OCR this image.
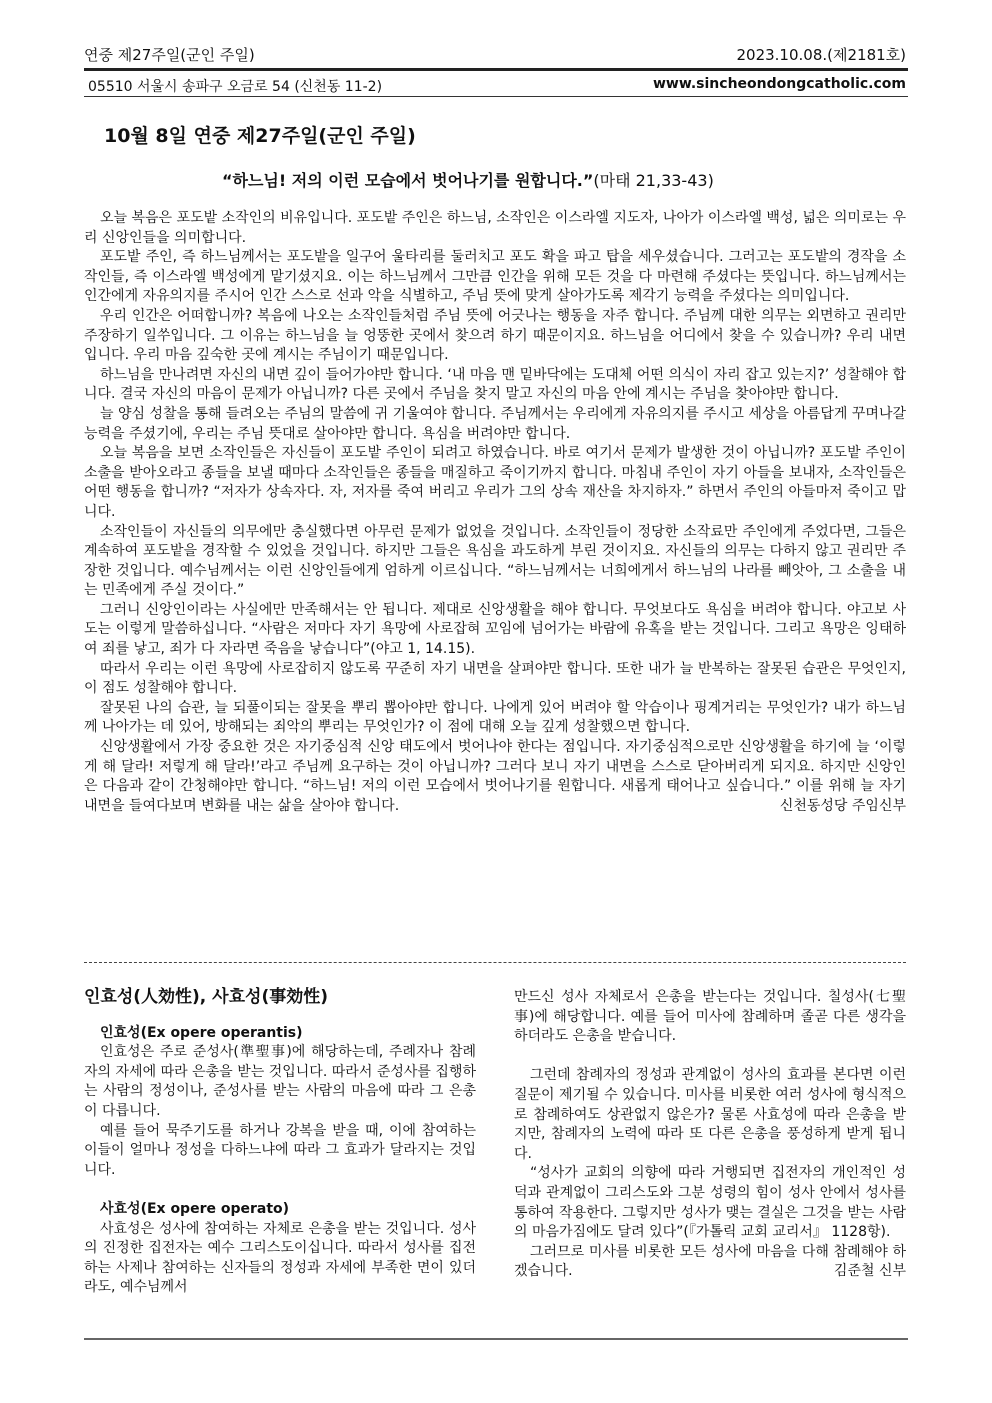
연중 제27주일(군인 주일)	2023.10.08.(제2181호)
05510 서울시 송파구 오금로 54 (신천동 11-2)	www.sincheondongcatholic.com
10월 8일 연중 제27주일(군인 주일)
“하느님! 저의 이런 모습에서 벗어나기를 원합니다.”(마태 21,33-43)

오늘 복음은 포도밭 소작인의 비유입니다. 포도밭 주인은 하느님, 소작인은 이스라엘 지도자, 나아가 이스라엘 백성, 넓은 의미로는 우리 신앙인들을 의미합니다.

포도밭 주인, 즉 하느님께서는 포도밭을 일구어 울타리를 둘러치고 포도 확을 파고 탑을 세우셨습니다. 그러고는 포도밭의 경작을 소작인들, 즉 이스라엘 백성에게 맡기셨지요. 이는 하느님께서 그만큼 인간을 위해 모든 것을 다 마련해 주셨다는 뜻입니다. 하느님께서는 인간에게 자유의지를 주시어 인간 스스로 선과 악을 식별하고, 주님 뜻에 맞게 살아가도록 제각기 능력을 주셨다는 의미입니다.

우리 인간은 어떠합니까? 복음에 나오는 소작인들처럼 주님 뜻에 어긋나는 행동을 자주 합니다. 주님께 대한 의무는 외면하고 권리만 주장하기 일쑤입니다. 그 이유는 하느님을 늘 엉뚱한 곳에서 찾으려 하기 때문이지요. 하느님을 어디에서 찾을 수 있습니까? 우리 내면입니다. 우리 마음 깊숙한 곳에 계시는 주님이기 때문입니다.

하느님을 만나려면 자신의 내면 깊이 들어가야만 합니다. ‘내 마음 맨 밑바닥에는 도대체 어떤 의식이 자리 잡고 있는지?’ 성찰해야 합니다. 결국 자신의 마음이 문제가 아닙니까? 다른 곳에서 주님을 찾지 말고 자신의 마음 안에 계시는 주님을 찾아야만 합니다.

늘 양심 성찰을 통해 들려오는 주님의 말씀에 귀 기울여야 합니다. 주님께서는 우리에게 자유의지를 주시고 세상을 아름답게 꾸며나갈 능력을 주셨기에, 우리는 주님 뜻대로 살아야만 합니다. 욕심을 버려야만 합니다.

오늘 복음을 보면 소작인들은 자신들이 포도밭 주인이 되려고 하였습니다. 바로 여기서 문제가 발생한 것이 아닙니까? 포도밭 주인이 소출을 받아오라고 종들을 보낼 때마다 소작인들은 종들을 매질하고 죽이기까지 합니다. 마침내 주인이 자기 아들을 보내자, 소작인들은 어떤 행동을 합니까? “저자가 상속자다. 자, 저자를 죽여 버리고 우리가 그의 상속 재산을 차지하자.” 하면서 주인의 아들마저 죽이고 맙니다.

소작인들이 자신들의 의무에만 충실했다면 아무런 문제가 없었을 것입니다. 소작인들이 정당한 소작료만 주인에게 주었다면, 그들은 계속하여 포도밭을 경작할 수 있었을 것입니다. 하지만 그들은 욕심을 과도하게 부린 것이지요. 자신들의 의무는 다하지 않고 권리만 주장한 것입니다. 예수님께서는 이런 신앙인들에게 엄하게 이르십니다. “하느님께서는 너희에게서 하느님의 나라를 빼앗아, 그 소출을 내는 민족에게 주실 것이다.”

그러니 신앙인이라는 사실에만 만족해서는 안 됩니다. 제대로 신앙생활을 해야 합니다. 무엇보다도 욕심을 버려야 합니다. 야고보 사도는 이렇게 말씀하십니다. “사람은 저마다 자기 욕망에 사로잡혀 꼬임에 넘어가는 바람에 유혹을 받는 것입니다. 그리고 욕망은 잉태하여 죄를 낳고, 죄가 다 자라면 죽음을 낳습니다”(야고 1, 14.15).

따라서 우리는 이런 욕망에 사로잡히지 않도록 꾸준히 자기 내면을 살펴야만 합니다. 또한 내가 늘 반복하는 잘못된 습관은 무엇인지, 이 점도 성찰해야 합니다.

잘못된 나의 습관, 늘 되풀이되는 잘못을 뿌리 뽑아야만 합니다. 나에게 있어 버려야 할 악습이나 핑계거리는 무엇인가? 내가 하느님께 나아가는 데 있어, 방해되는 죄악의 뿌리는 무엇인가? 이 점에 대해 오늘 깊게 성찰했으면 합니다.

신앙생활에서 가장 중요한 것은 자기중심적 신앙 태도에서 벗어나야 한다는 점입니다. 자기중심적으로만 신앙생활을 하기에 늘 ‘이렇게 해 달라! 저렇게 해 달라!’라고 주님께 요구하는 것이 아닙니까? 그러다 보니 자기 내면을 스스로 닫아버리게 되지요. 하지만 신앙인은 다음과 같이 간청해야만 합니다. “하느님! 저의 이런 모습에서 벗어나기를 원합니다. 새롭게 태어나고 싶습니다.” 이를 위해 늘 자기 내면을 들여다보며 변화를 내는 삶을 살아야 합니다.	신천동성당 주임신부

인효성(人効性), 사효성(事効性)
인효성(Ex opere operantis)

인효성은 주로 준성사(準聖事)에 해당하는데, 주례자나 참례자의 자세에 따라 은총을 받는 것입니다. 따라서 준성사를 집행하는 사람의 정성이나, 준성사를 받는 사람의 마음에 따라 그 은총이 다릅니다.

예를 들어 묵주기도를 하거나 강복을 받을 때, 이에 참여하는 이들이 얼마나 정성을 다하느냐에 따라 그 효과가 달라지는 것입니다.

사효성(Ex opere operato)

사효성은 성사에 참여하는 자체로 은총을 받는 것입니다. 성사의 진정한 집전자는 예수 그리스도이십니다. 따라서 성사를 집전하는 사제나 참여하는 신자들의 정성과 자세에 부족한 면이 있더라도, 예수님께서

만드신 성사 자체로서 은총을 받는다는 것입니다. 칠성사(七聖事)에 해당합니다. 예를 들어 미사에 참례하며 졸곧 다른 생각을 하더라도 은총을 받습니다.

그런데 참례자의 정성과 관계없이 성사의 효과를 본다면 이런 질문이 제기될 수 있습니다. 미사를 비롯한 여러 성사에 형식적으로 참례하여도 상관없지 않은가? 물론 사효성에 따라 은총을 받지만, 참례자의 노력에 따라 또 다른 은총을 풍성하게 받게 됩니다.

“성사가 교회의 의향에 따라 거행되면 집전자의 개인적인 성덕과 관계없이 그리스도와 그분 성령의 힘이 성사 안에서 성사를 통하여 작용한다. 그렇지만 성사가 맺는 결실은 그것을 받는 사람의 마음가짐에도 달려 있다”(『가톨릭 교회 교리서』 1128항).

그러므로 미사를 비롯한 모든 성사에 마음을 다해 참례해야 하겠습니다.	김준철 신부
